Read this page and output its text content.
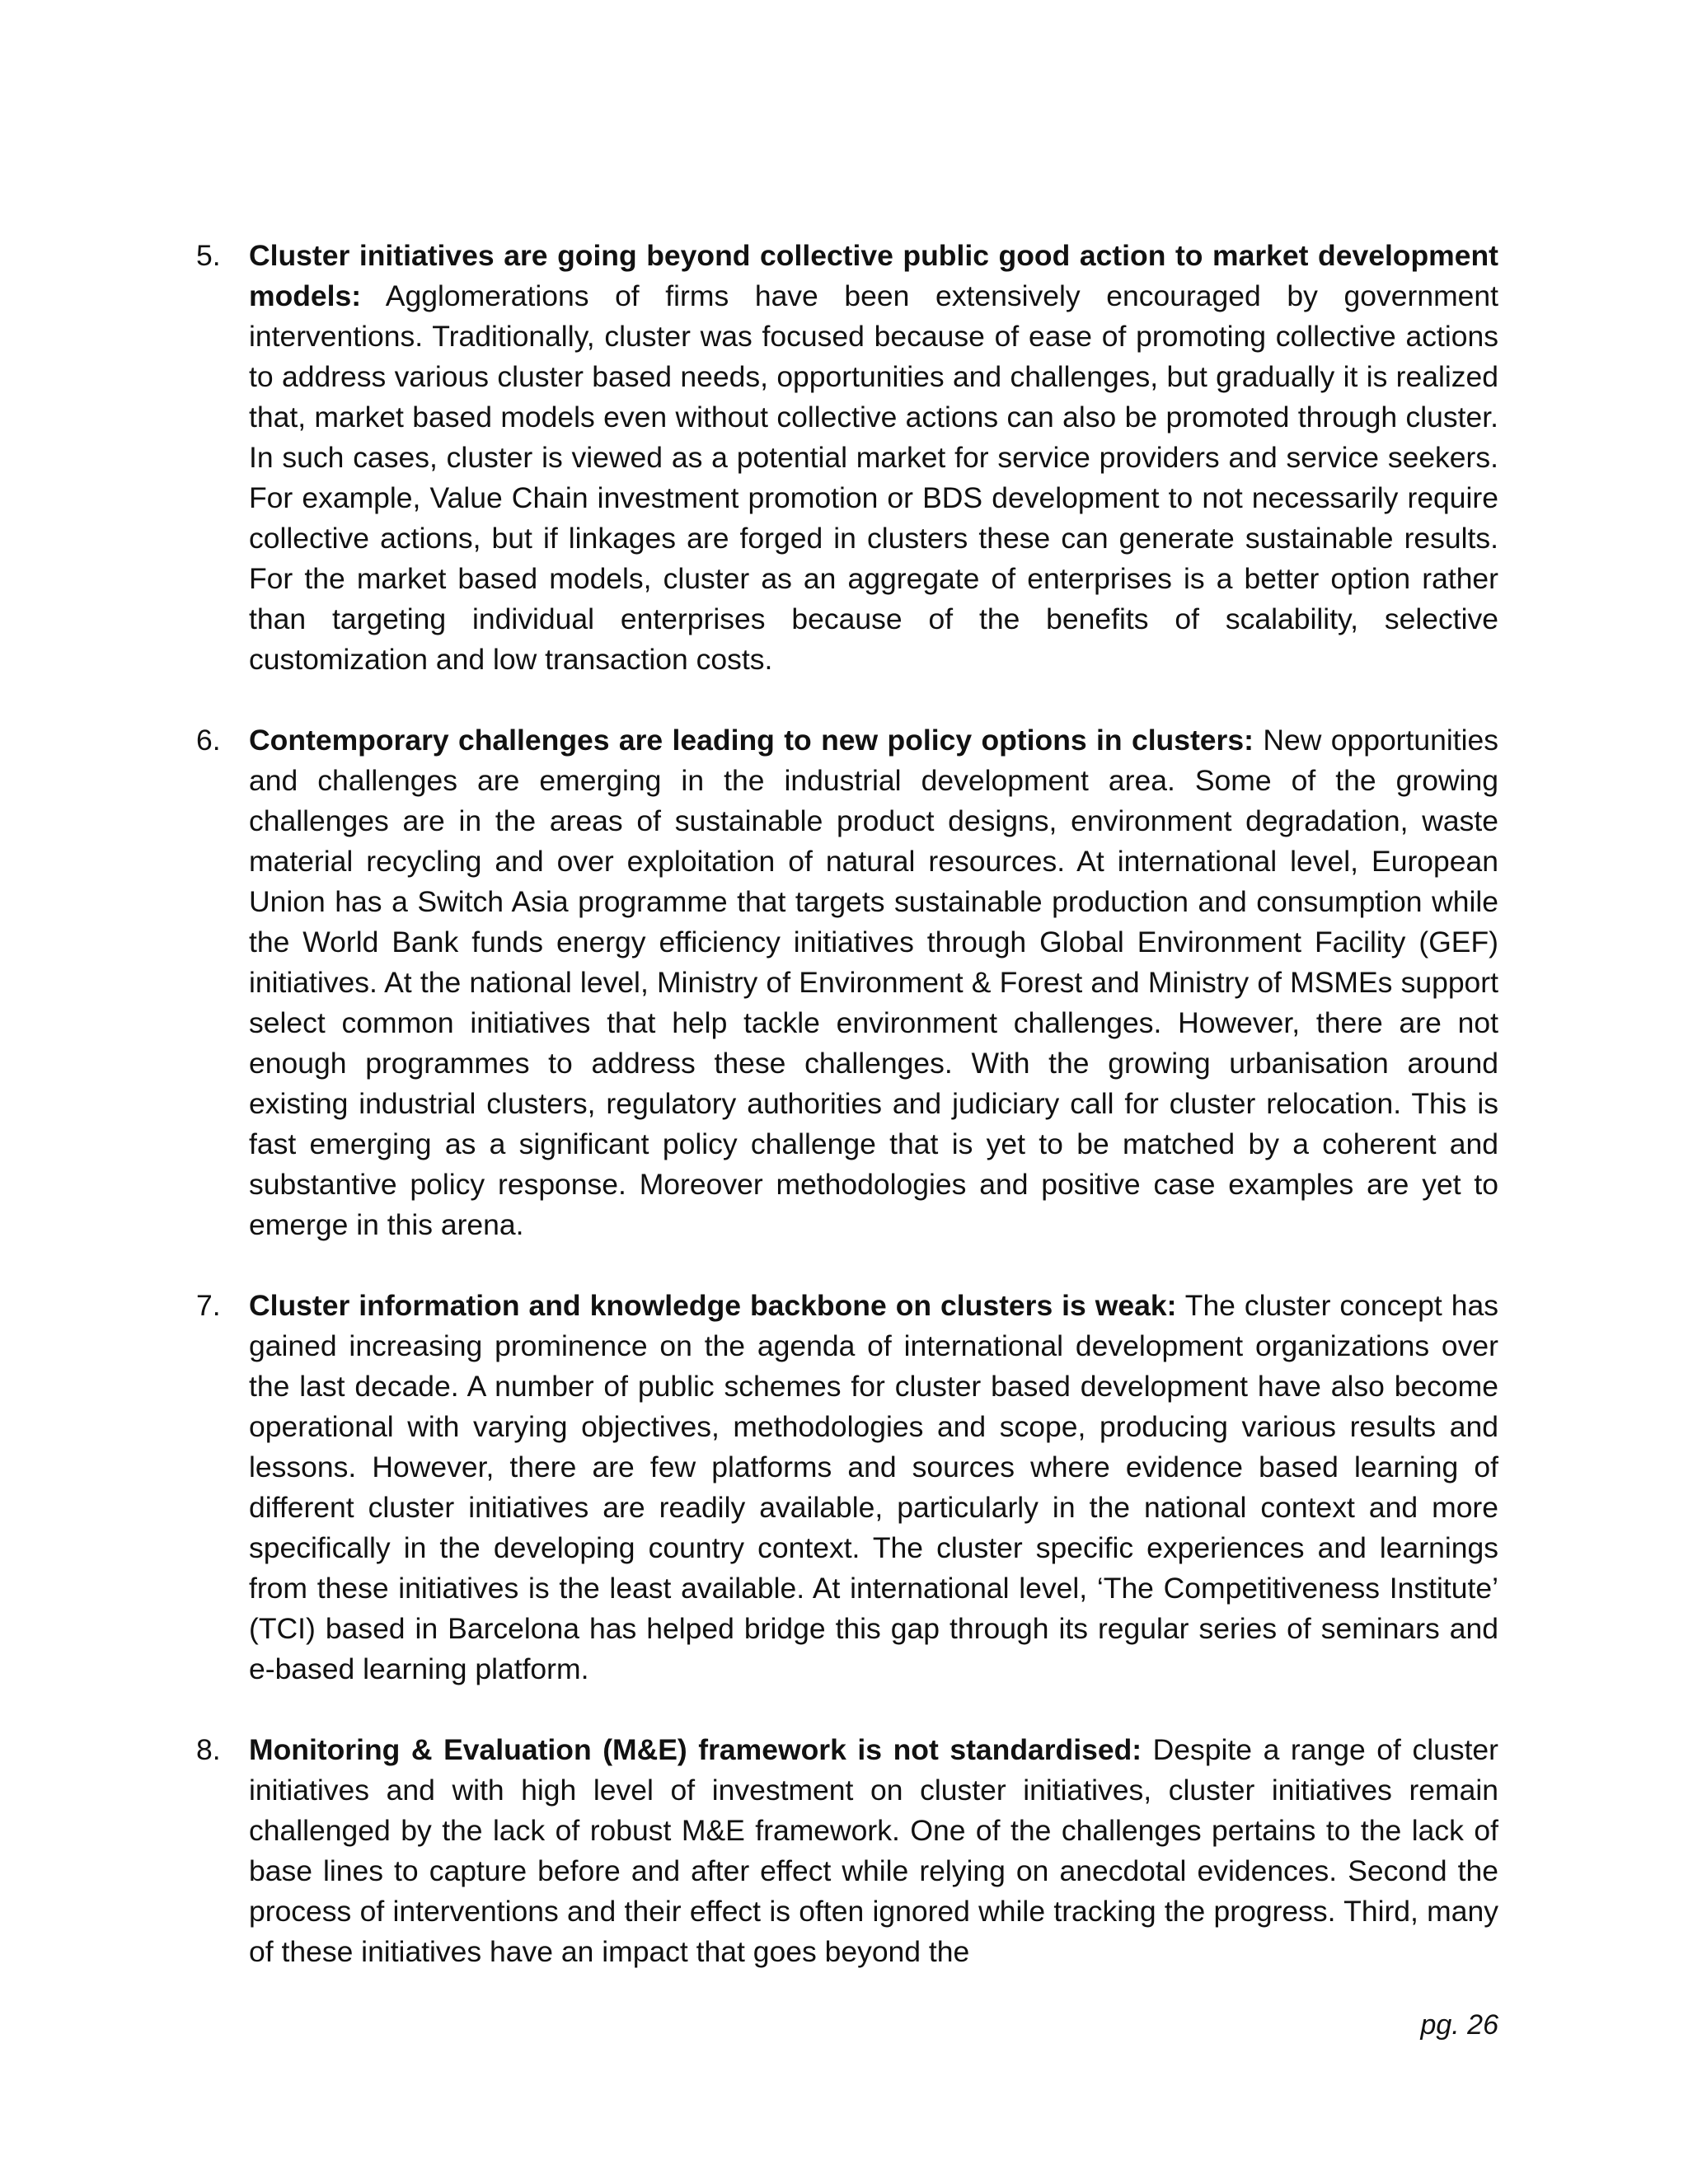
5. Cluster initiatives are going beyond collective public good action to market development models: Agglomerations of firms have been extensively encouraged by government interventions. Traditionally, cluster was focused because of ease of promoting collective actions to address various cluster based needs, opportunities and challenges, but gradually it is realized that, market based models even without collective actions can also be promoted through cluster. In such cases, cluster is viewed as a potential market for service providers and service seekers. For example, Value Chain investment promotion or BDS development to not necessarily require collective actions, but if linkages are forged in clusters these can generate sustainable results. For the market based models, cluster as an aggregate of enterprises is a better option rather than targeting individual enterprises because of the benefits of scalability, selective customization and low transaction costs.
6. Contemporary challenges are leading to new policy options in clusters: New opportunities and challenges are emerging in the industrial development area. Some of the growing challenges are in the areas of sustainable product designs, environment degradation, waste material recycling and over exploitation of natural resources. At international level, European Union has a Switch Asia programme that targets sustainable production and consumption while the World Bank funds energy efficiency initiatives through Global Environment Facility (GEF) initiatives. At the national level, Ministry of Environment & Forest and Ministry of MSMEs support select common initiatives that help tackle environment challenges. However, there are not enough programmes to address these challenges. With the growing urbanisation around existing industrial clusters, regulatory authorities and judiciary call for cluster relocation. This is fast emerging as a significant policy challenge that is yet to be matched by a coherent and substantive policy response. Moreover methodologies and positive case examples are yet to emerge in this arena.
7. Cluster information and knowledge backbone on clusters is weak: The cluster concept has gained increasing prominence on the agenda of international development organizations over the last decade. A number of public schemes for cluster based development have also become operational with varying objectives, methodologies and scope, producing various results and lessons. However, there are few platforms and sources where evidence based learning of different cluster initiatives are readily available, particularly in the national context and more specifically in the developing country context. The cluster specific experiences and learnings from these initiatives is the least available. At international level, ‘The Competitiveness Institute’ (TCI) based in Barcelona has helped bridge this gap through its regular series of seminars and e-based learning platform.
8. Monitoring & Evaluation (M&E) framework is not standardised: Despite a range of cluster initiatives and with high level of investment on cluster initiatives, cluster initiatives remain challenged by the lack of robust M&E framework. One of the challenges pertains to the lack of base lines to capture before and after effect while relying on anecdotal evidences. Second the process of interventions and their effect is often ignored while tracking the progress. Third, many of these initiatives have an impact that goes beyond the
pg. 26
